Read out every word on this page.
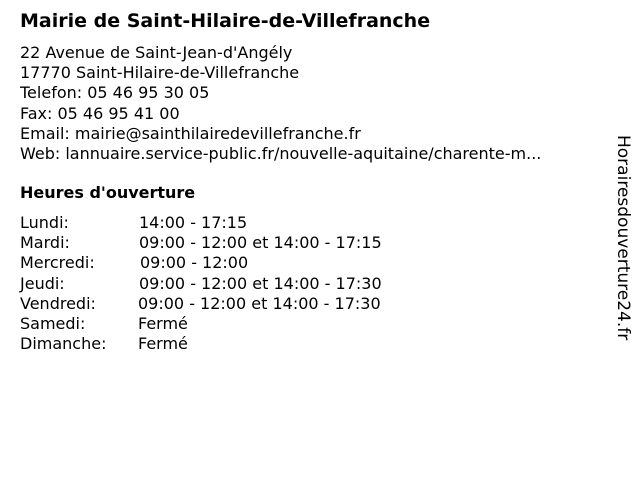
Mairie de Saint-Hilaire-de-Villefranche
22 Avenue de Saint-Jean-d'Angély
17770 Saint-Hilaire-de-Villefranche
Telefon: 05 46 95 30 05
Fax: 05 46 95 41 00
Email: mairie@sainthilairedevillefranche.fr
Web: lannuaire.service-public.fr/nouvelle-aquitaine/charente-m...
Heures d'ouverture
Lundi:	14:00 - 17:15
Mardi:	09:00 - 12:00 et 14:00 - 17:15
Mercredi:	09:00 - 12:00
Jeudi:	09:00 - 12:00 et 14:00 - 17:30
Vendredi:	09:00 - 12:00 et 14:00 - 17:30
Samedi:	Fermé
Dimanche: Fermé
Horairesdouverture24.fr
